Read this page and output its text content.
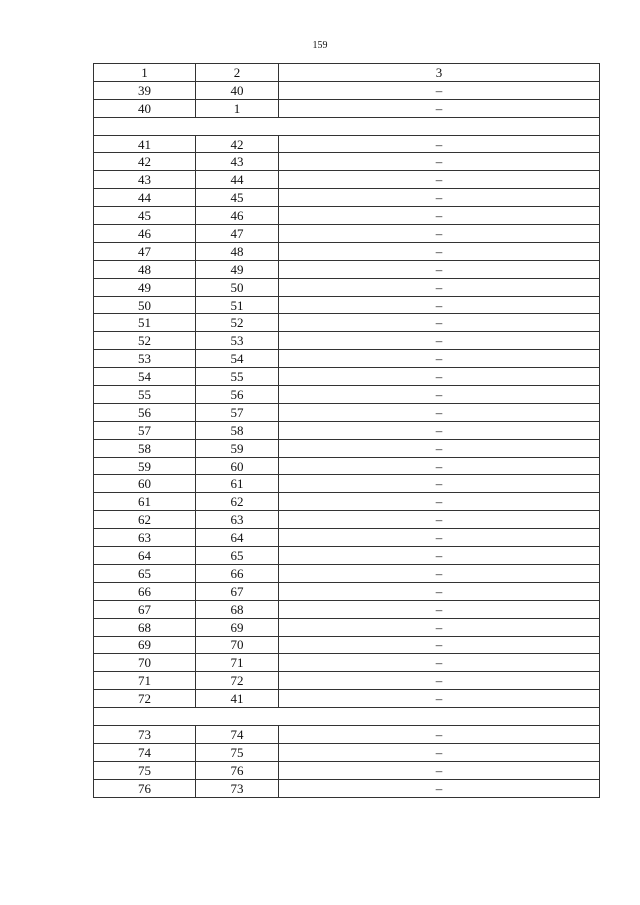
159
1	2	3
39	40	–
40	1	–

41	42	–
42	43	–
43	44	–
44	45	–
45	46	–
46	47	–
47	48	–
48	49	–
49	50	–
50	51	–
51	52	–
52	53	–
53	54	–
54	55	–
55	56	–
56	57	–
57	58	–
58	59	–
59	60	–
60	61	–
61	62	–
62	63	–
63	64	–
64	65	–
65	66	–
66	67	–
67	68	–
68	69	–
69	70	–
70	71	–
71	72	–
72	41	–

73	74	–
74	75	–
75	76	–
76	73	–
